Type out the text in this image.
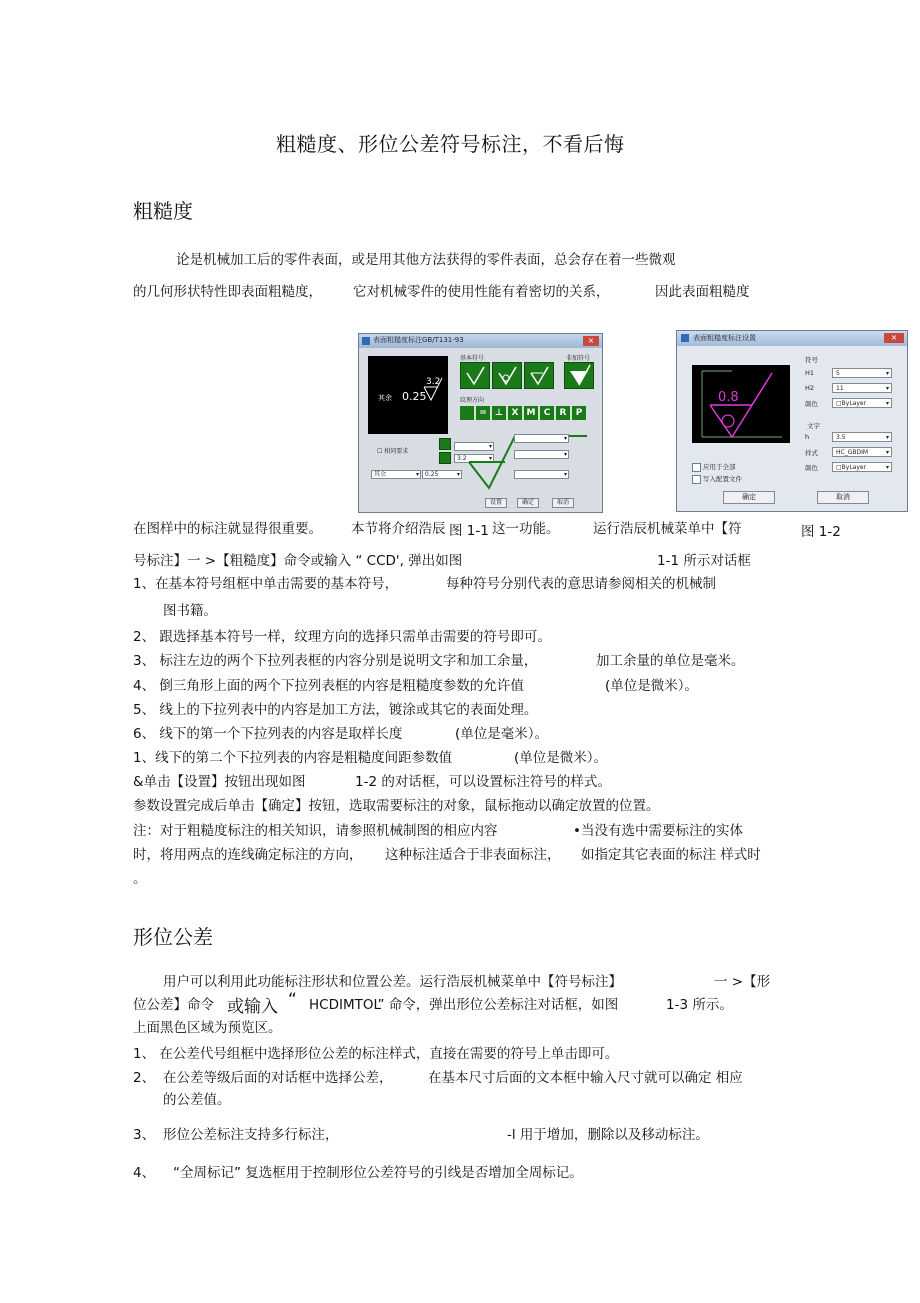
粗糙度、形位公差符号标注，不看后悔
粗糙度
论是机械加工后的零件表面，或是用其他方法获得的零件表面，总会存在着一些微观
的几何形状特性即表面粗糙度， 它对机械零件的使用性能有着密切的关系，	因此表面粗糙度
表面粗糙度标注GB/T131-93	×
3.2
0.25
其余
基本符号	非加符号
纹理方向
= ⊥ X M C	R	P
☐ 相同要求
其余 ▾	0.25 ▾
▾
3.2 ▾
▾
▾
▾
设置	确定	取消
表面粗糙度标注设置	×
0.8
符号
H1	5 ▾
H2	11 ▾
颜色	□ByLayer ▾
文字
h	3.5 ▾
样式	HC_GBDIM ▾
颜色	□ByLayer ▾
应用于全部
写入配置文件
确定	取消
在图样中的标注就显得很重要。 本节将介绍浩辰 图 1-1 这一功能。 运行浩辰机械菜单中【符	图 1-2
号标注】一 >【粗糙度】命令或输入 “ CCD', 弹出如图	1-1 所示对话框
1、在基本符号组框中单击需要的基本符号，	每种符号分别代表的意思请参阅相关的机械制
图书籍。
2、 跟选择基本符号一样，纹理方向的选择只需单击需要的符号即可。
3、 标注左边的两个下拉列表框的内容分别是说明文字和加工余量，	加工余量的单位是毫米。
4、 倒三角形上面的两个下拉列表框的内容是粗糙度参数的允许值	(单位是微米）。
5、 线上的下拉列表中的内容是加工方法，镀涂或其它的表面处理。
6、 线下的第一个下拉列表的内容是取样长度	(单位是毫米）。
1、线下的第二个下拉列表的内容是粗糙度间距参数值	(单位是微米）。
&单击【设置】按钮出现如图	1-2 的对话框，可以设置标注符号的样式。
参数设置完成后单击【确定】按钮，选取需要标注的对象，鼠标拖动以确定放置的位置。
注：对于粗糙度标注的相关知识，请参照机械制图的相应内容	•当没有选中需要标注的实体
时，将用两点的连线确定标注的方向， 这种标注适合于非表面标注， 如指定其它表面的标注 样式时
。
形位公差
用户可以利用此功能标注形状和位置公差。运行浩辰机械菜单中【符号标注】	一 >【形
位公差】命令 或输入 “ HCDIMTOL” 命令，弹出形位公差标注对话框，如图	1-3 所示。
上面黑色区域为预览区。
1、 在公差代号组框中选择形位公差的标注样式，直接在需要的符号上单击即可。
2、 在公差等级后面的对话框中选择公差，	在基本尺寸后面的文本框中输入尺寸就可以确定 相应
的公差值。
3、 形位公差标注支持多行标注，	-l 用于增加，删除以及移动标注。
4、 “全周标记” 复选框用于控制形位公差符号的引线是否增加全周标记。
